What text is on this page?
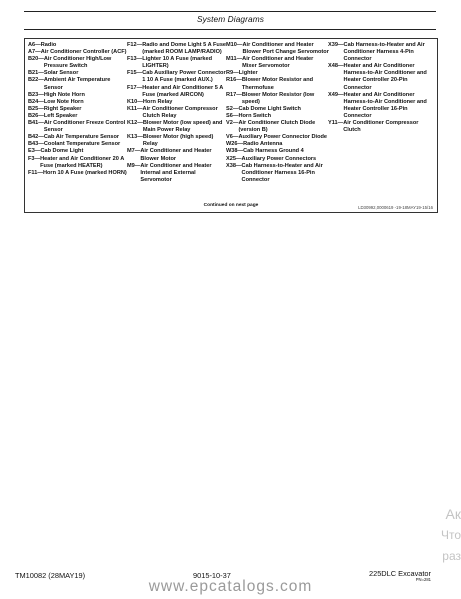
System Diagrams
A6— Radio
A7— Air Conditioner Controller (ACF)
B20— Air Conditioner High/Low Pressure Switch
B21— Solar Sensor
B22— Ambient Air Temperature Sensor
B23— High Note Horn
B24— Low Note Horn
B25— Right Speaker
B26— Left Speaker
B41— Air Conditioner Freeze Control Sensor
B42— Cab Air Temperature Sensor
B43— Coolant Temperature Sensor
E3— Cab Dome Light
F3— Heater and Air Conditioner 20 A Fuse (marked HEATER)
F11— Horn 10 A Fuse (marked HORN)
F12— Radio and Dome Light 5 A Fuse (marked ROOM LAMP/RADIO)
F13— Lighter 10 A Fuse (marked LIGHTER)
F15— Cab Auxiliary Power Connector 1 10 A Fuse (marked AUX.)
F17— Heater and Air Conditioner 5 A Fuse (marked AIRCON)
K10— Horn Relay
K11— Air Conditioner Compressor Clutch Relay
K12— Blower Motor (low speed) and Main Power Relay
K13— Blower Motor (high speed) Relay
M7— Air Conditioner and Heater Blower Motor
M9— Air Conditioner and Heater Internal and External Servomotor
M10— Air Conditioner and Heater Blower Port Change Servomotor
M11— Air Conditioner and Heater Mixer Servomotor
R9— Lighter
R16— Blower Motor Resistor and Thermofuse
R17— Blower Motor Resistor (low speed)
S2— Cab Dome Light Switch
S6— Horn Switch
V2— Air Conditioner Clutch Diode (version B)
V6— Auxiliary Power Connector Diode
W26— Radio Antenna
W38— Cab Harness Ground 4
X25— Auxiliary Power Connectors
X38— Cab Harness-to-Heater and Air Conditioner Harness 16-Pin Connector
X39— Cab Harness-to-Heater and Air Conditioner Harness 4-Pin Connector
X48— Heater and Air Conditioner Harness-to-Air Conditioner and Heater Controller 20-Pin Connector
X49— Heater and Air Conditioner Harness-to-Air Conditioner and Heater Controller 16-Pin Connector
Y11— Air Conditioner Compressor Clutch
Continued on next page	LD30992,0000619 -19-18MAY19-15/16
TM10082 (28MAY19)	9015-10-37	225DLC Excavator
PN=281
www.epcatalogs.com
Ак
Что
раз
